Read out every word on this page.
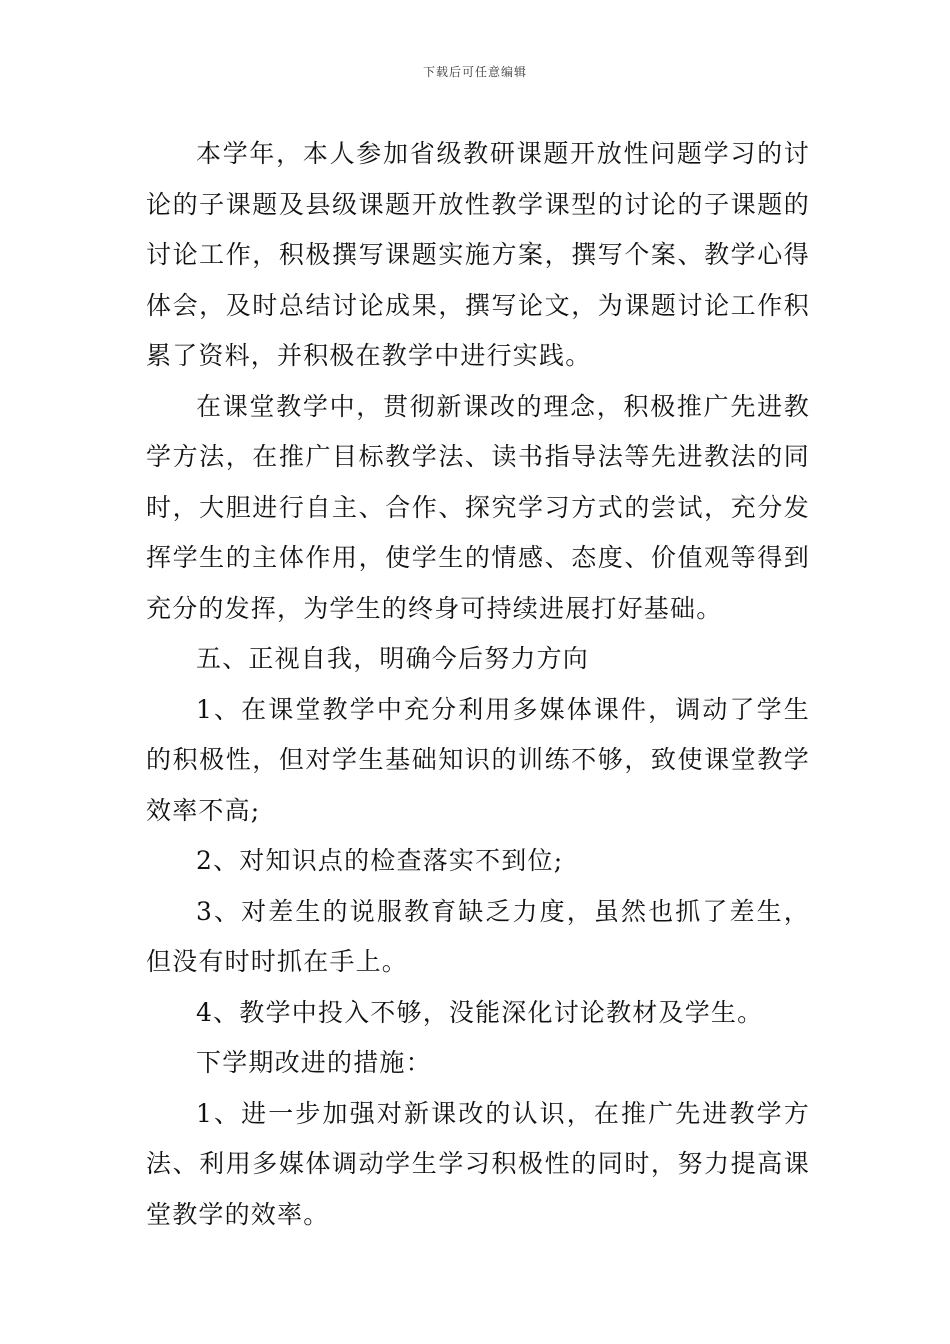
下载后可任意编辑

本学年，本人参加省级教研课题开放性问题学习的讨论的子课题及县级课题开放性教学课型的讨论的子课题的讨论工作，积极撰写课题实施方案，撰写个案、教学心得体会，及时总结讨论成果，撰写论文，为课题讨论工作积累了资料，并积极在教学中进行实践。

在课堂教学中，贯彻新课改的理念，积极推广先进教学方法，在推广目标教学法、读书指导法等先进教法的同时，大胆进行自主、合作、探究学习方式的尝试，充分发挥学生的主体作用，使学生的情感、态度、价值观等得到充分的发挥，为学生的终身可持续进展打好基础。

五、正视自我，明确今后努力方向

1、在课堂教学中充分利用多媒体课件，调动了学生的积极性，但对学生基础知识的训练不够，致使课堂教学效率不高;

2、对知识点的检查落实不到位;

3、对差生的说服教育缺乏力度，虽然也抓了差生，但没有时时抓在手上。

4、教学中投入不够，没能深化讨论教材及学生。

下学期改进的措施：

1、进一步加强对新课改的认识，在推广先进教学方法、利用多媒体调动学生学习积极性的同时，努力提高课堂教学的效率。
